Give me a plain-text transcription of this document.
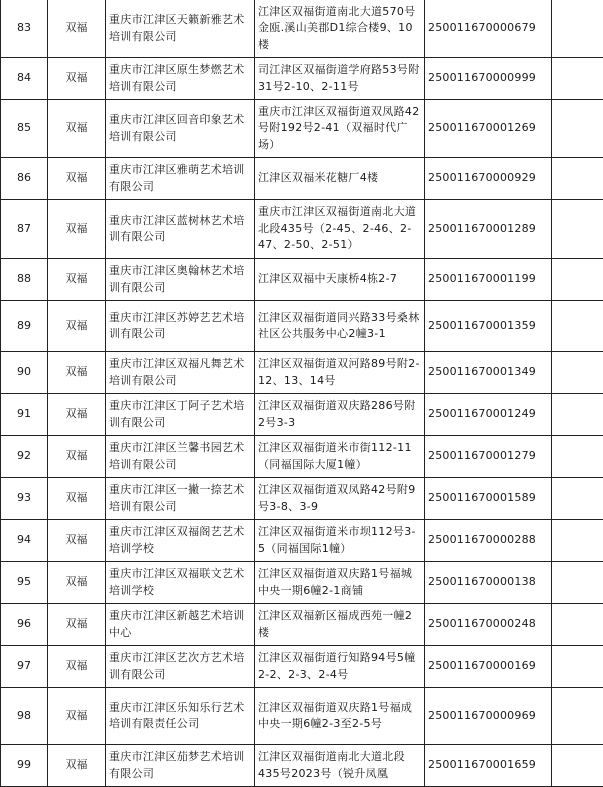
83	双福	重庆市江津区天籁新雅艺术培训有限公司	江津区双福街道南北大道570号金瓯.溪山美郡D1综合楼9、10楼	250011670000679	
84	双福	重庆市江津区原生梦燃艺术培训有限公司	司江津区双福街道学府路53号附31号2-10、2-11号	250011670000999	
85	双福	重庆市江津区回音印象艺术培训有限公司	重庆市江津区双福街道双凤路42号附192号2-41（双福时代广场）	250011670001269	
86	双福	重庆市江津区雅萌艺术培训有限公司	江津区双福米花糖厂4楼	250011670000929	
87	双福	重庆市江津区蓝树林艺术培训有限公司	重庆市江津区双福街道南北大道北段435号（2-45、2-46、2-47、2-50、2-51）	250011670001289	
88	双福	重庆市江津区奥翰林艺术培训有限公司	江津区双福中天康桥4栋2-7	250011670001199	
89	双福	重庆市江津区苏婷艺艺术培训有限公司	江津区双福街道同兴路33号桑林社区公共服务中心2幢3-1	250011670001359	
90	双福	重庆市江津区双福凡舞艺术培训有限公司	江津区双福街道双河路89号附2-12、13、14号	250011670001349	
91	双福	重庆市江津区丁阿子艺术培训有限公司	江津区双福街道双庆路286号附2号3-3	250011670001249	
92	双福	重庆市江津区兰馨书园艺术培训有限公司	江津区双福街道米市街112-11（同福国际大厦1幢）	250011670001279	
93	双福	重庆市江津区一撇一捺艺术培训有限公司	江津区双福街道双凤路42号附9号3-8、3-9	250011670001589	
94	双福	重庆市江津区双福阁艺艺术培训学校	江津区双福街道米市坝112号3-5（同福国际1幢）	250011670000288	
95	双福	重庆市江津区双福联文艺术培训学校	江津区双福街道双庆路1号福城中央一期6幢2-1商铺	250011670000138	
96	双福	重庆市江津区新越艺术培训中心	江津区双福新区福成西苑一幢2楼	250011670000248	
97	双福	重庆市江津区艺次方艺术培训有限公司	江津区双福街道行知路94号5幢2-2、2-3、2-4号	250011670000169	
98	双福	重庆市江津区乐知乐行艺术培训有限责任公司	江津区双福街道双庆路1号福成中央一期6幢2-3至2-5号	250011670000969	
99	双福	重庆市江津区茄梦艺术培训有限公司	江津区双福街道南北大道北段435号2023号（锐升凤凰	250011670001659	
